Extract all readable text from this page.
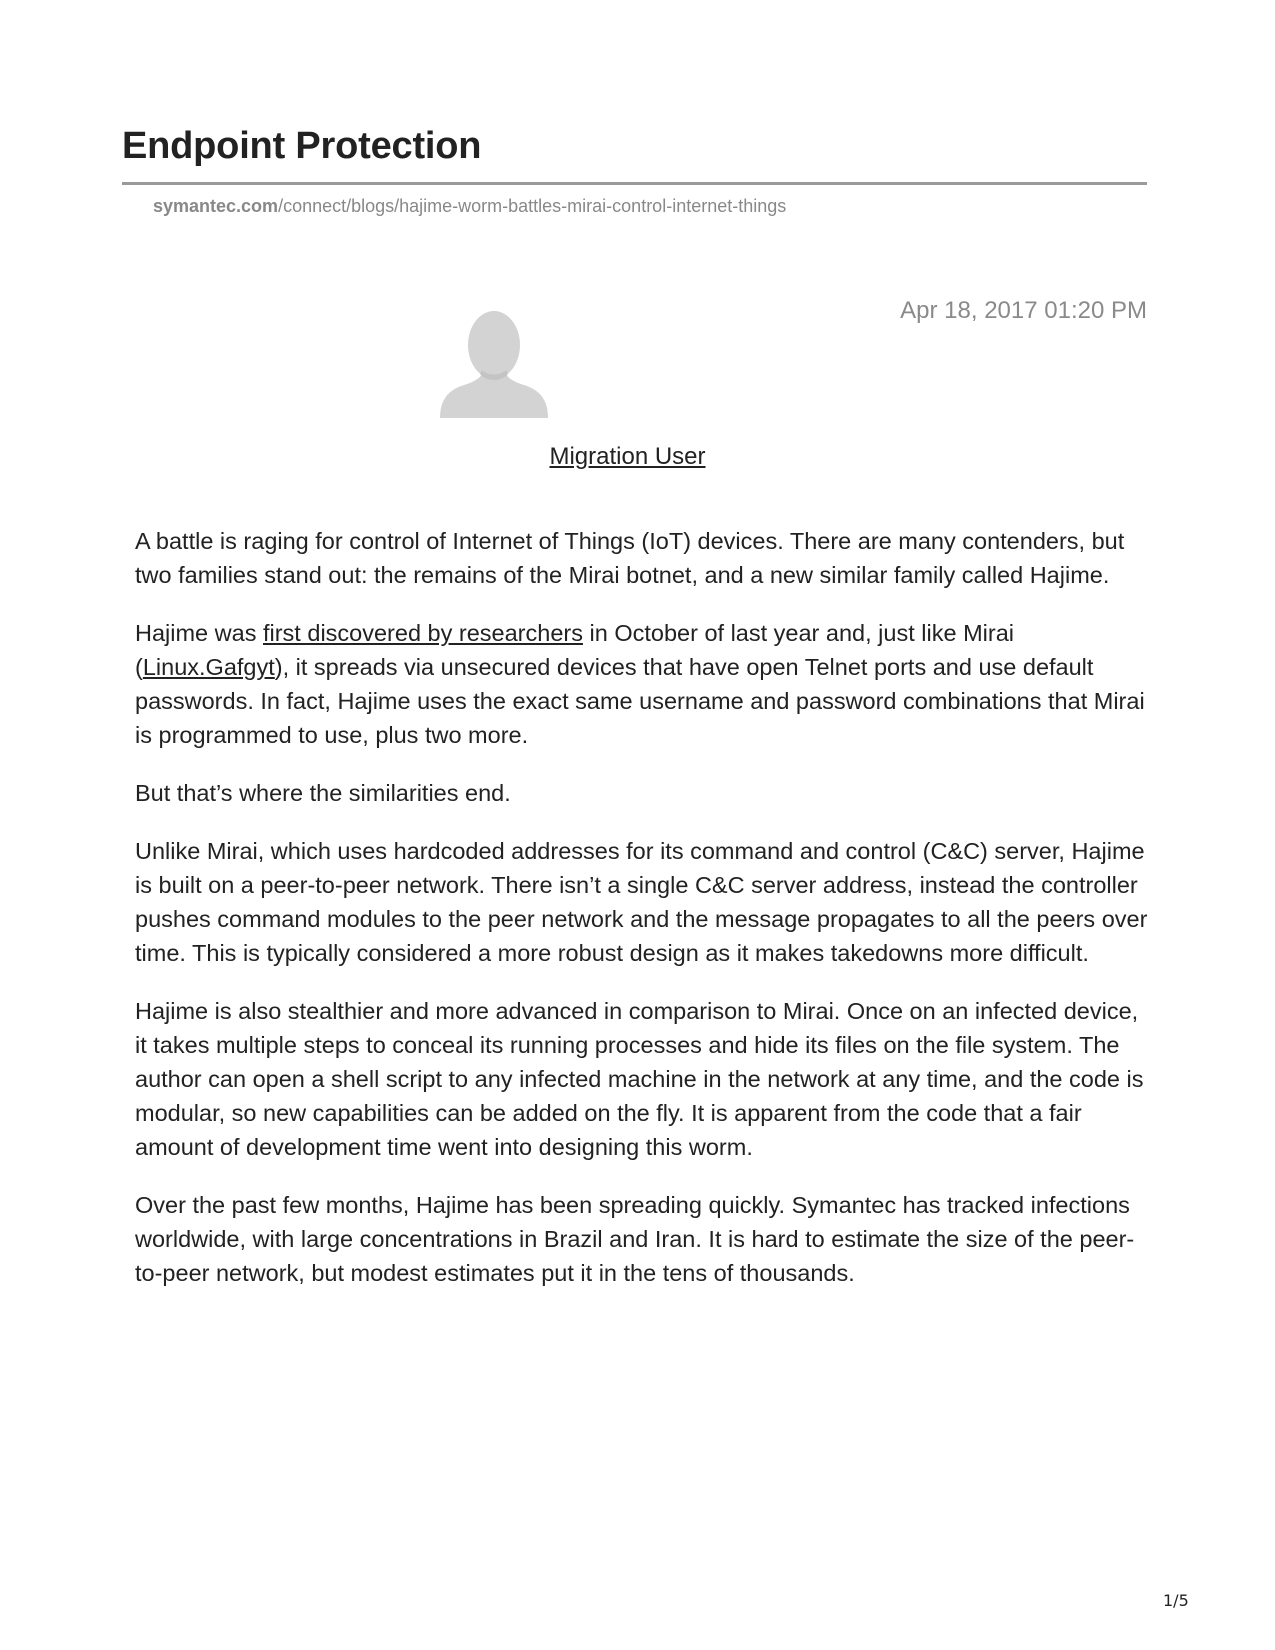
Endpoint Protection
symantec.com/connect/blogs/hajime-worm-battles-mirai-control-internet-things
Apr 18, 2017 01:20 PM
Migration User

A battle is raging for control of Internet of Things (IoT) devices. There are many contenders, but two families stand out: the remains of the Mirai botnet, and a new similar family called Hajime.

Hajime was first discovered by researchers in October of last year and, just like Mirai (Linux.Gafgyt), it spreads via unsecured devices that have open Telnet ports and use default passwords. In fact, Hajime uses the exact same username and password combinations that Mirai is programmed to use, plus two more.

But that’s where the similarities end.

Unlike Mirai, which uses hardcoded addresses for its command and control (C&C) server, Hajime is built on a peer-to-peer network. There isn’t a single C&C server address, instead the controller pushes command modules to the peer network and the message propagates to all the peers over time. This is typically considered a more robust design as it makes takedowns more difficult.

Hajime is also stealthier and more advanced in comparison to Mirai. Once on an infected device, it takes multiple steps to conceal its running processes and hide its files on the file system. The author can open a shell script to any infected machine in the network at any time, and the code is modular, so new capabilities can be added on the fly. It is apparent from the code that a fair amount of development time went into designing this worm.

Over the past few months, Hajime has been spreading quickly. Symantec has tracked infections worldwide, with large concentrations in Brazil and Iran. It is hard to estimate the size of the peer-to-peer network, but modest estimates put it in the tens of thousands.

1/5
